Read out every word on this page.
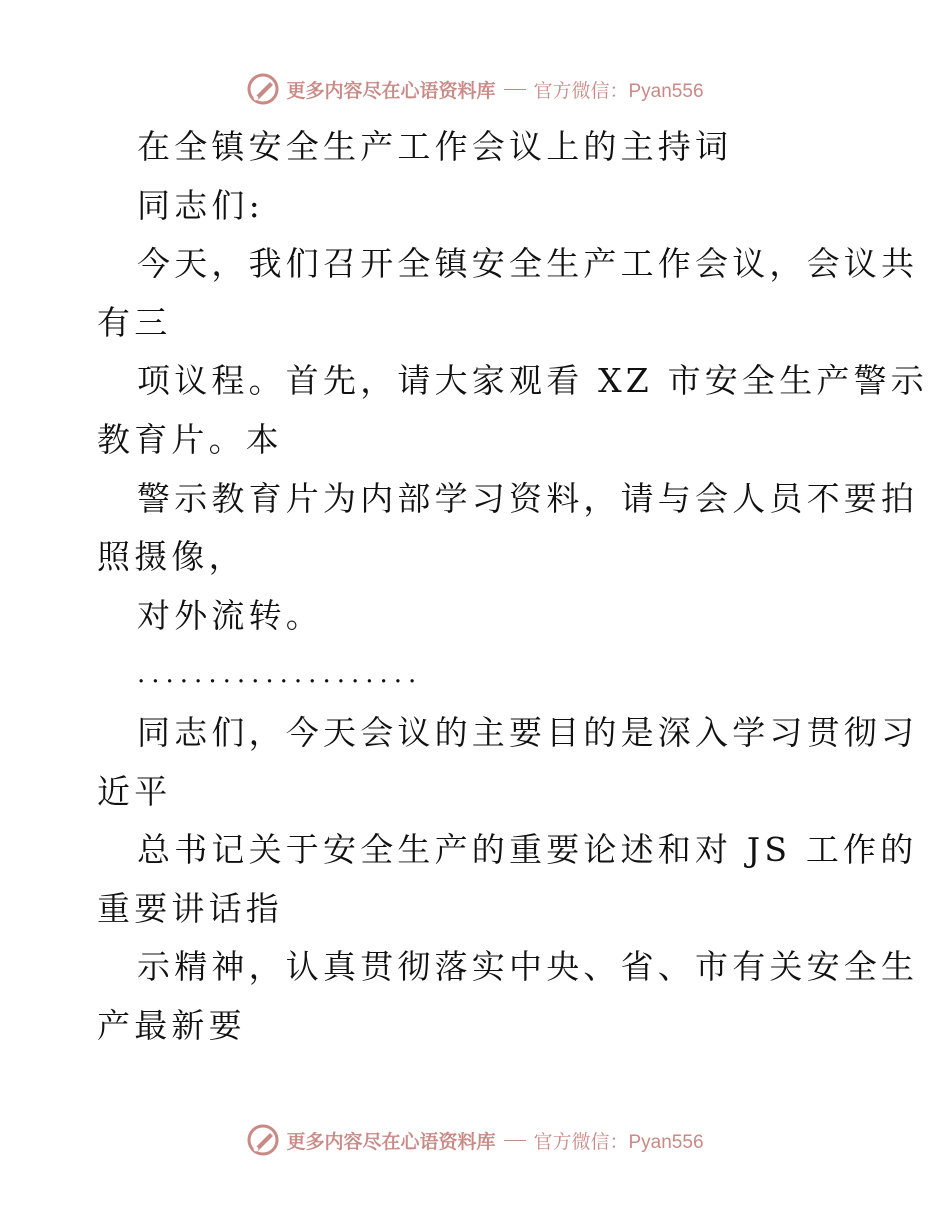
更多内容尽在心语资料库 官方微信：Pyan556

在全镇安全生产工作会议上的主持词

同志们:

今天，我们召开全镇安全生产工作会议，会议共

有三

项议程。首先，请大家观看 XZ 市安全生产警示

教育片。本

警示教育片为内部学习资料，请与会人员不要拍

照摄像，

对外流转。

....................

同志们，今天会议的主要目的是深入学习贯彻习

近平

总书记关于安全生产的重要论述和对 JS 工作的

重要讲话指

示精神，认真贯彻落实中央、省、市有关安全生

产最新要

更多内容尽在心语资料库 官方微信：Pyan556
